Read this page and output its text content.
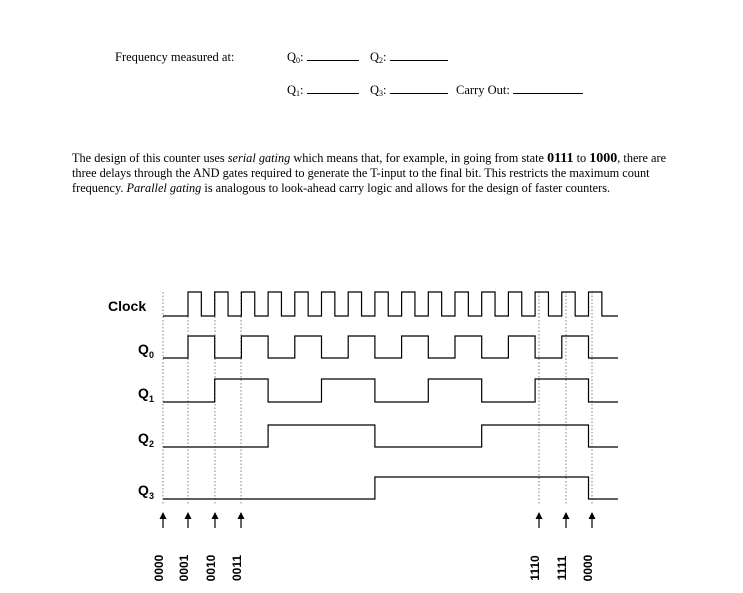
Frequency measured at:	$Q_0$:	$Q_2$:
$Q_1$:	$Q_3$:	Carry Out:
The design of this counter uses serial gating which means that, for example, in going from state 0111 to 1000, there are three delays through the AND gates required to generate the T-input to the final bit. This restricts the maximum count frequency. Parallel gating is analogous to look-ahead carry logic and allows for the design of faster counters.
Clock
Q 0
Q 1
Q 2
Q 3
0000 0001 0010 0011	1110 1111 0000
